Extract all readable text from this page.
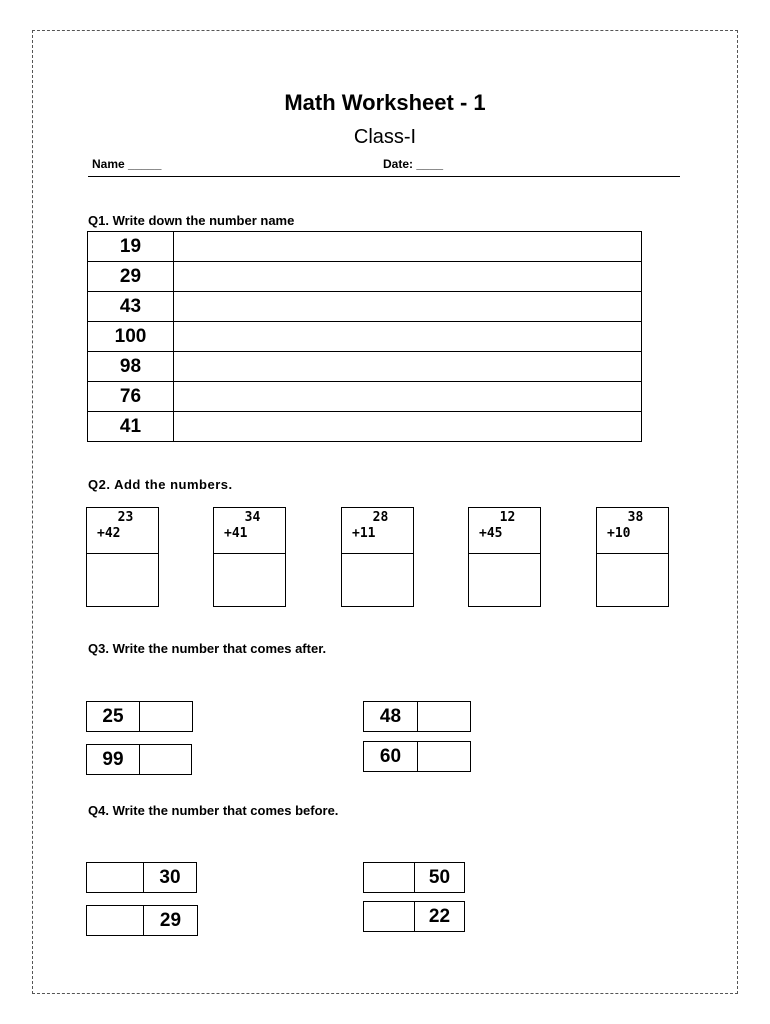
Math Worksheet - 1
Class-I
Name _____	Date: ____
Q1. Write down the number name
19	
29	
43	
100	
98	
76	
41	
Q2. Add the numbers.
23
+42
34
+41
28
+11
12
+45
38
+10
Q3. Write the number that comes after.
25	48
99	60
Q4. Write the number that comes before.
30	50
29	22
